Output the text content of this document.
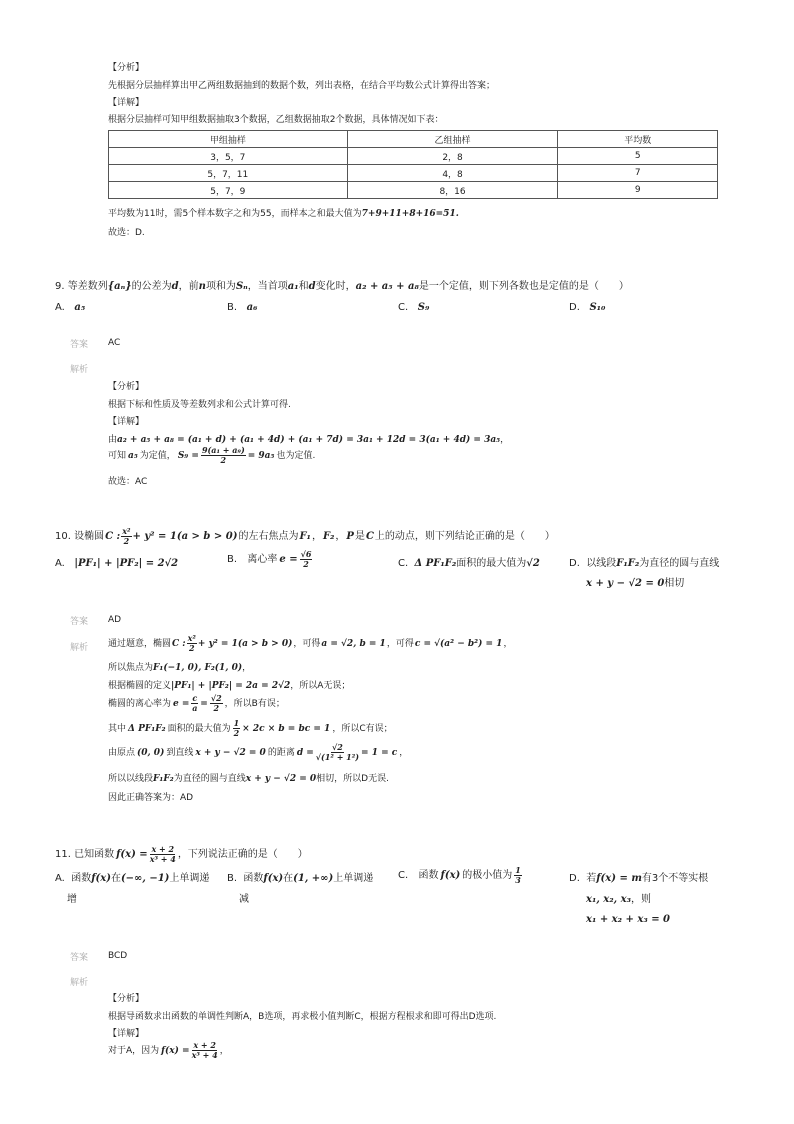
【分析】
先根据分层抽样算出甲乙两组数据抽到的数据个数，列出表格，在结合平均数公式计算得出答案；
【详解】
根据分层抽样可知甲组数据抽取3个数据，乙组数据抽取2个数据，具体情况如下表：
甲组抽样	乙组抽样	平均数
3，5，7	2，8	5
5，7，11	4，8	7
5，7，9	8，16	9
平均数为11时，需5个样本数字之和为55，而样本之和最大值为7+9+11+8+16=51.
故选：D.
9. 等差数列{aₙ}的公差为d，前n项和为Sₙ，当首项a₁和d变化时，a₂ + a₅ + a₈是一个定值，则下列各数也是定值的是（　　）
A. a₅	B. a₆	C. S₉	D. S₁₀
答案 AC
解析
【分析】
根据下标和性质及等差数列求和公式计算可得.
【详解】
由a₂ + a₅ + a₈ = (a₁ + d) + (a₁ + 4d) + (a₁ + 7d) = 3a₁ + 12d = 3(a₁ + 4d) = 3a₅，
可知 a₅ 为定值， $S_9 = \frac{\text{9(a₁ + a₉)}}{2} = 9a_5$ 也为定值.
故选：AC
10. 设椭圆 C : x²
2 + y² = 1(a > b > 0) 的左右焦点为 F₁ ， F₂ ， P 是 C 上的动点，则下列结论正确的是（　　）
A. |PF₁| + |PF₂| = 2√2	B.
离心率 $e = \frac{√6}{2}$	C. Δ PF₁F₂面积的最大值为√2	D. 以线段F₁F₂为直径的圆与直线
x + y − √2 = 0相切
答案 AD
解析 通过题意，椭圆 C :
x²
2 + y² = 1(a > b > 0) ，可得 a = √2, b = 1 ，可得 c = √(a² − b²) = 1 ，
所以焦点为F₁(−1, 0), F₂(1, 0)，
根据椭圆的定义|PF₁| + |PF₂| = 2a = 2√2，所以A无误；
椭圆的离心率为 $e = \frac{c}{a} = \frac{√2}{2}$ ，所以B有误；
其中 Δ PF₁F₂ 面积的最大值为 $\frac{1}{2} \times 2c \times b$ = bc = 1 ，所以C有误；
由原点 (0, 0) 到直线 x + y − √2 = 0 的距离 $d = \frac{√2}{\text{√(1² + 1²)}} = 1 = c$ ，
所以以线段F₁F₂为直径的圆与直线x + y − √2 = 0相切，所以D无误.
因此正确答案为：AD
11. 已知函数 $f(x) = \frac{x + 2}{\text{x³ + 4}}$ ，下列说法正确的是（　　）
A. 函数f(x)在(−∞, −1)上单调递
增
B. 函数f(x)在(1, +∞)上单调递
减
C.
函数 f(x) 的极小值为 1
3	D. 若f(x) = m有3个不等实根
x₁, x₂, x₃，则
x₁ + x₂ + x₃ = 0
答案 BCD
解析
【分析】
根据导函数求出函数的单调性判断A，B选项，再求极小值判断C，根据方程根求和即可得出D选项.
【详解】
对于A，因为 $f(x) = \frac{x + 2}{\text{x³ + 4}}$ ，
